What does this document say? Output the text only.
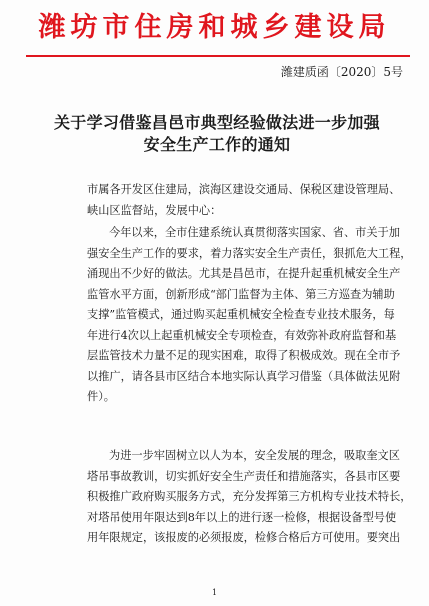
潍坊市住房和城乡建设局
潍建质函〔2020〕5号
关于学习借鉴昌邑市典型经验做法进一步加强
安全生产工作的通知
市属各开发区住建局，滨海区建设交通局、保税区建设管理局、
峡山区监督站，发展中心：
今年以来，全市住建系统认真贯彻落实国家、省、市关于加
强安全生产工作的要求，着力落实安全生产责任，狠抓危大工程，
涌现出不少好的做法。尤其是昌邑市，在提升起重机械安全生产
监管水平方面，创新形成“部门监督为主体、第三方巡查为辅助
支撑”监管模式，通过购买起重机械安全检查专业技术服务，每
年进行4次以上起重机械安全专项检查，有效弥补政府监督和基
层监管技术力量不足的现实困难，取得了积极成效。现在全市予
以推广，请各县市区结合本地实际认真学习借鉴（具体做法见附
件）。
为进一步牢固树立以人为本，安全发展的理念，吸取奎文区
塔吊事故教训，切实抓好安全生产责任和措施落实，各县市区要
积极推广政府购买服务方式，充分发挥第三方机构专业技术特长，
对塔吊使用年限达到8年以上的进行逐一检修，根据设备型号使
用年限规定，该报废的必须报废，检修合格后方可使用。要突出
1
